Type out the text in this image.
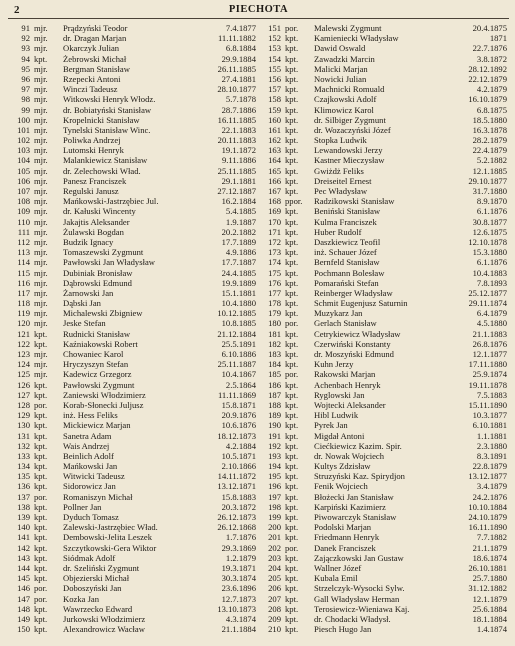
2	PIECHOTA
91 mjr.	Prądzyński Teodor	7.4.1877
92 mjr.	dr. Dragan Marjan	11.11.1882
93 mjr.	Okarczyk Julian	6.8.1884
94 kpt.	Żebrowski Michał	29.9.1884
95 mjr.	Bergman Stanisław	26.11.1885
96 mjr.	Rzepecki Antoni	27.4.1881
97 mjr.	Winczi Tadeusz	28.10.1877
98 mjr.	Witkowski Henryk Włodz.	5.7.1878
99 mjr.	dr. Bobiatyński Stanisław	28.7.1886
100 mjr.	Kropelnicki Stanisław	16.11.1885
101 mjr.	Tynelski Stanisław Winc.	22.1.1883
102 mjr.	Poliwka Andrzej	20.11.1883
103 mjr.	Lutomski Henryk	19.1.1872
104 mjr.	Malankiewicz Stanisław	9.11.1886
105 mjr.	dr. Zelechowski Wład.	25.11.1885
106 mjr.	Panesz Franciszek	29.1.1881
107 mjr.	Regulski Janusz	27.12.1887
108 mjr.	Mańkowski-Jastrzębiec Jul.	16.2.1884
109 mjr.	dr. Kałuski Wincenty	5.4.1885
110 mjr.	Jakajtis Aleksander	1.9.1887
111 mjr.	Żulawski Bogdan	20.2.1882
112 mjr.	Budzik Ignacy	17.7.1889
113 mjr.	Tomaszewski Zygmunt	4.9.1886
114 mjr.	Pawłowski Jan Władysław	17.7.1887
115 mjr.	Dubiniak Bronisław	24.4.1885
116 mjr.	Dąbrowski Edmund	19.9.1889
117 mjr.	Żarnowski Jan	15.1.1881
118 mjr.	Dąbski Jan	10.4.1880
119 mjr.	Michalewski Zbigniew	10.12.1885
120 mjr.	Jeske Stefan	10.8.1885
121 kpt.	Rudnicki Stanisław	21.12.1884
122 kpt.	Kaźniakowski Robert	25.5.1891
123 mjr.	Chowaniec Karol	6.10.1886
124 mjr.	Hryczyszyn Stefan	25.11.1887
125 mjr.	Kadewicz Grzegorz	10.4.1867
126 kpt.	Pawłowski Zygmunt	2.5.1864
127 kpt.	Zaniewski Włodzimierz	11.11.1869
128 por.	Korab-Słonecki Juljusz	15.8.1871
129 kpt.	inż. Hess Feliks	20.9.1876
130 kpt.	Mickiewicz Marjan	10.6.1876
131 kpt.	Sanetra Adam	18.12.1873
132 kpt.	Wais Andrzej	4.2.1884
133 kpt.	Beinlich Adolf	10.5.1871
134 kpt.	Mańkowski Jan	2.10.1866
135 kpt.	Witwicki Tadeusz	14.11.1872
136 kpt.	Sidorowicz Jan	13.12.1871
137 por.	Romaniszyn Michał	15.8.1883
138 kpt.	Pollner Jan	20.3.1872
139 kpt.	Dyduch Tomasz	26.12.1873
140 kpt.	Zalewski-Jastrzębiec Wład.	26.12.1868
141 kpt.	Dembowski-Jelita Leszek	1.7.1876
142 kpt.	Szczytkowski-Gera Wiktor	29.3.1869
143 kpt.	Siódmak Adolf	1.2.1879
144 kpt.	dr. Szeliński Zygmunt	19.3.1871
145 kpt.	Objezierski Michał	30.3.1874
146 por.	Doboszyński Jan	23.6.1896
147 por.	Kozka Jan	12.7.1873
148 kpt.	Wawrzecko Edward	13.10.1873
149 kpt.	Jurkowski Włodzimierz	4.3.1874
150 kpt.	Alexandrowicz Wacław	21.1.1884
151 por.	Malewski Zygmunt	20.4.1875
152 kpt.	Kamieniecki Władysław	1871
153 kpt.	Dawid Oswald	22.7.1876
154 kpt.	Zawadzki Marcin	3.8.1872
155 kpt.	Malicki Marjan	28.12.1892
156 kpt.	Nowicki Julian	22.12.1879
157 kpt.	Machnicki Romuald	4.2.1879
158 kpt.	Czajkowski Adolf	16.10.1879
159 kpt.	Klimowicz Karol	6.8.1875
160 kpt.	dr. Silbiger Zygmunt	18.5.1880
161 kpt.	dr. Wozaczyński Józef	16.3.1878
162 kpt.	Stopka Ludwik	28.2.1879
163 kpt.	Lewandowski Jerzy	22.4.1879
164 kpt.	Kastner Mieczysław	5.2.1882
165 kpt.	Gwiżdż Feliks	12.1.1885
166 kpt.	Dreiseitel Ernest	29.10.1877
167 kpt.	Pec Władysław	31.7.1880
168 ppor.	Radzikowski Stanisław	8.9.1870
169 kpt.	Beniński Stanisław	6.1.1876
170 kpt.	Kulma Franciszek	30.8.1877
171 kpt.	Huber Rudolf	12.6.1875
172 kpt.	Daszkiewicz Teofil	12.10.1878
173 kpt.	inż. Schauer Józef	15.3.1880
174 kpt.	Bernfeld Stanisław	6.1.1876
175 kpt.	Pochmann Bolesław	10.4.1883
176 kpt.	Pomarański Stefan	7.8.1893
177 kpt.	Reinberger Władysław	25.12.1877
178 kpt.	Schmit Eugenjusz Saturnin	29.11.1874
179 kpt.	Muzykarz Jan	6.4.1879
180 por.	Gerlach Stanisław	4.5.1880
181 kpt.	Cetrykiewicz Władysław	21.1.1883
182 kpt.	Czerwiński Konstanty	26.8.1876
183 kpt.	dr. Moszyński Edmund	12.1.1877
184 kpt.	Kuhn Jerzy	17.11.1880
185 por.	Rakowski Marjan	25.9.1874
186 kpt.	Achenbach Henryk	19.11.1878
187 kpt.	Ryglowski Jan	7.5.1883
188 kpt.	Wojtecki Aleksander	15.11.1890
189 kpt.	Hibl Ludwik	10.3.1877
190 kpt.	Pyrek Jan	6.10.1881
191 kpt.	Migdał Antoni	1.1.1881
192 kpt.	Ciećkiewicz Kazim. Spir.	2.3.1880
193 kpt.	dr. Nowak Wojciech	8.3.1891
194 kpt.	Kultys Zdzisław	22.8.1879
195 kpt.	Struzyński Kaz. Spirydjon	13.12.1877
196 kpt.	Fenik Wojciech	3.4.1879
197 kpt.	Błożecki Jan Stanisław	24.2.1876
198 kpt.	Karpiński Kazimierz	10.10.1884
199 kpt.	Piwowarczyk Stanisław	24.10.1879
200 kpt.	Podolski Marjan	16.11.1890
201 kpt.	Friedmann Henryk	7.7.1882
202 por.	Danek Franciszek	21.1.1879
203 kpt.	Zajączkowski Jan Gustaw	18.6.1874
204 kpt.	Wallner Józef	26.10.1881
205 kpt.	Kubala Emil	25.7.1880
206 kpt.	Strzelczyk-Wysocki Sylw.	31.12.1882
207 kpt.	Gall Władysław Herman	12.1.1879
208 kpt.	Terosiewicz-Wieniawa Kaj.	25.6.1884
209 kpt.	dr. Chodacki Władysł.	18.1.1884
210 kpt.	Piesch Hugo Jan	1.4.1874
